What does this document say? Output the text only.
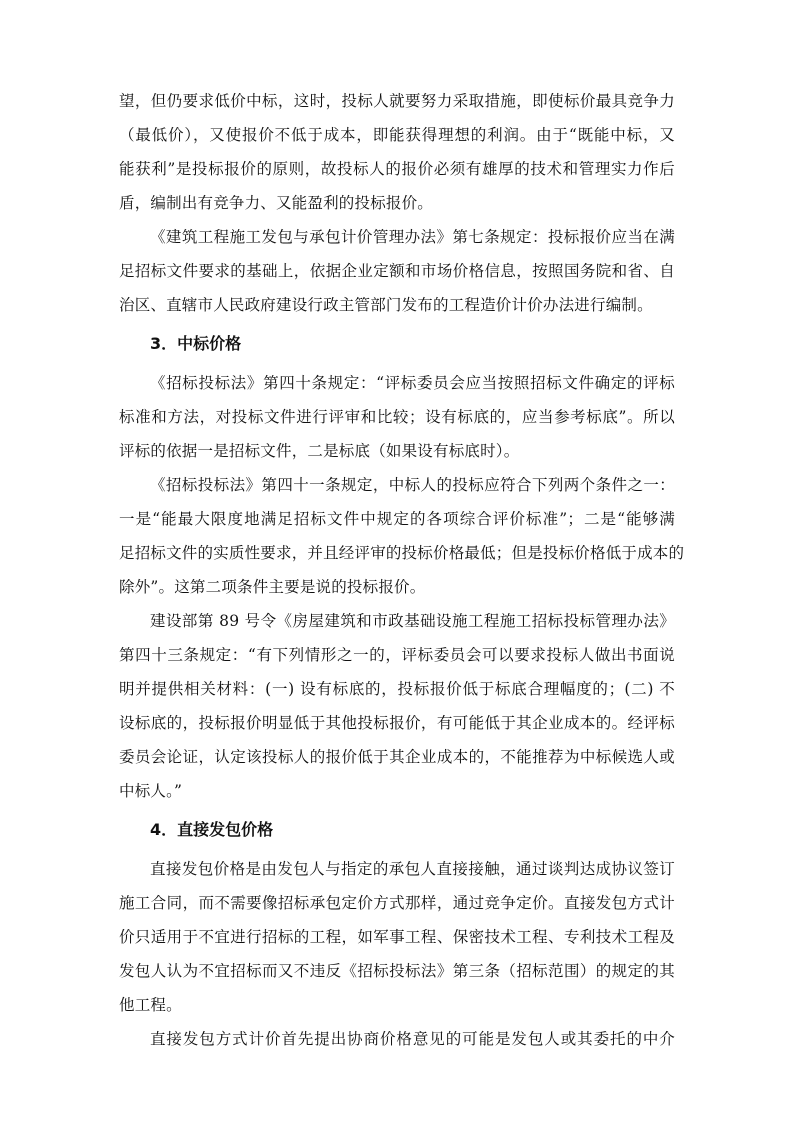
望，但仍要求低价中标，这时，投标人就要努力采取措施，即使标价最具竞争力
（最低价），又使报价不低于成本，即能获得理想的利润。由于“既能中标，又
能获利”是投标报价的原则，故投标人的报价必须有雄厚的技术和管理实力作后
盾，编制出有竞争力、又能盈利的投标报价。
《建筑工程施工发包与承包计价管理办法》第七条规定：投标报价应当在满
足招标文件要求的基础上，依据企业定额和市场价格信息，按照国务院和省、自
治区、直辖市人民政府建设行政主管部门发布的工程造价计价办法进行编制。
3．中标价格
《招标投标法》第四十条规定：“评标委员会应当按照招标文件确定的评标
标准和方法，对投标文件进行评审和比较；设有标底的，应当参考标底”。所以
评标的依据一是招标文件，二是标底（如果设有标底时）。
《招标投标法》第四十一条规定，中标人的投标应符合下列两个条件之一：
一是“能最大限度地满足招标文件中规定的各项综合评价标准”；二是“能够满
足招标文件的实质性要求，并且经评审的投标价格最低；但是投标价格低于成本的
除外”。这第二项条件主要是说的投标报价。
建设部第 89 号令《房屋建筑和市政基础设施工程施工招标投标管理办法》
第四十三条规定：“有下列情形之一的，评标委员会可以要求投标人做出书面说
明并提供相关材料：(一) 设有标底的，投标报价低于标底合理幅度的；(二) 不
设标底的，投标报价明显低于其他投标报价，有可能低于其企业成本的。经评标
委员会论证，认定该投标人的报价低于其企业成本的，不能推荐为中标候选人或
中标人。”
4．直接发包价格
直接发包价格是由发包人与指定的承包人直接接触，通过谈判达成协议签订
施工合同，而不需要像招标承包定价方式那样，通过竞争定价。直接发包方式计
价只适用于不宜进行招标的工程，如军事工程、保密技术工程、专利技术工程及
发包人认为不宜招标而又不违反《招标投标法》第三条（招标范围）的规定的其
他工程。
直接发包方式计价首先提出协商价格意见的可能是发包人或其委托的中介
